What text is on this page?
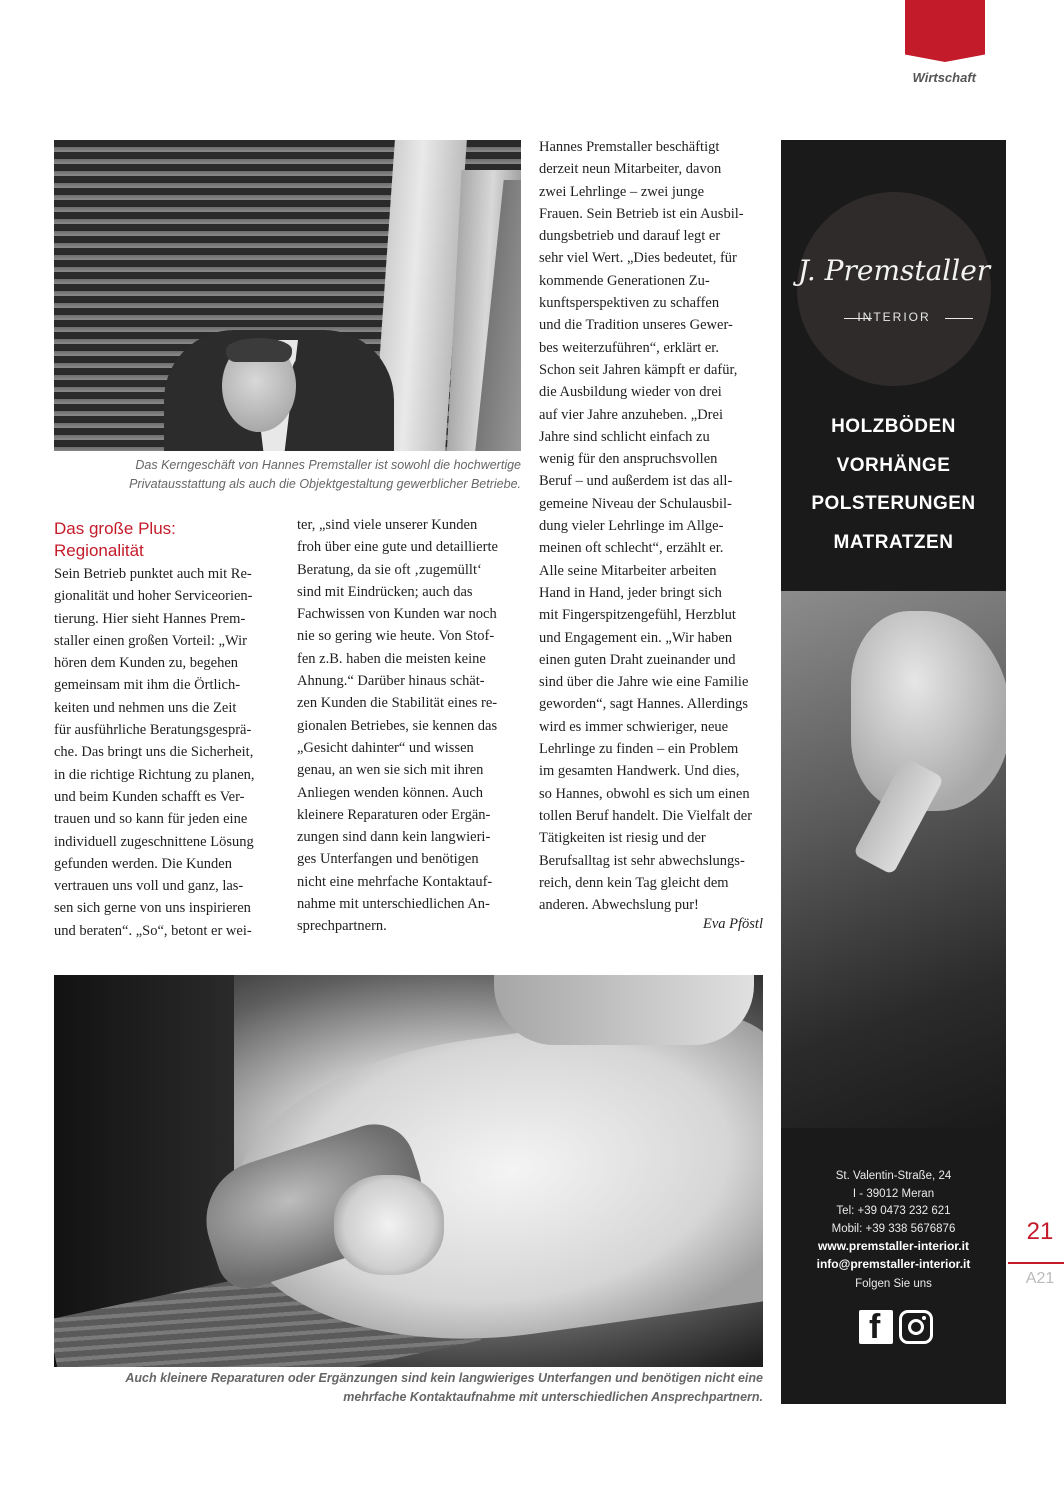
Wirtschaft
Das Kerngeschäft von Hannes Premstaller ist sowohl die hochwertige Privatausstattung als auch die Objektgestaltung gewerblicher Betriebe.
Das große Plus:
Regionalität
Sein Betrieb punktet auch mit Re-
gionalität und hoher Serviceorien-
tierung. Hier sieht Hannes Prem-
staller einen großen Vorteil: „Wir
hören dem Kunden zu, begehen
gemeinsam mit ihm die Örtlich-
keiten und nehmen uns die Zeit
für ausführliche Beratungsgesprä-
che. Das bringt uns die Sicherheit,
in die richtige Richtung zu planen,
und beim Kunden schafft es Ver-
trauen und so kann für jeden eine
individuell zugeschnittene Lösung
gefunden werden. Die Kunden
vertrauen uns voll und ganz, las-
sen sich gerne von uns inspirieren
und beraten“. „So“, betont er wei-
ter, „sind viele unserer Kunden
froh über eine gute und detaillierte
Beratung, da sie oft ‚zugemüllt‘
sind mit Eindrücken; auch das
Fachwissen von Kunden war noch
nie so gering wie heute. Von Stof-
fen z.B. haben die meisten keine
Ahnung.“ Darüber hinaus schät-
zen Kunden die Stabilität eines re-
gionalen Betriebes, sie kennen das
„Gesicht dahinter“ und wissen
genau, an wen sie sich mit ihren
Anliegen wenden können. Auch
kleinere Reparaturen oder Ergän-
zungen sind dann kein langwieri-
ges Unterfangen und benötigen
nicht eine mehrfache Kontaktauf-
nahme mit unterschiedlichen An-
sprechpartnern.
Hannes Premstaller beschäftigt
derzeit neun Mitarbeiter, davon
zwei Lehrlinge – zwei junge
Frauen. Sein Betrieb ist ein Ausbil-
dungsbetrieb und darauf legt er
sehr viel Wert. „Dies bedeutet, für
kommende Generationen Zu-
kunftsperspektiven zu schaffen
und die Tradition unseres Gewer-
bes weiterzuführen“, erklärt er.
Schon seit Jahren kämpft er dafür,
die Ausbildung wieder von drei
auf vier Jahre anzuheben. „Drei
Jahre sind schlicht einfach zu
wenig für den anspruchsvollen
Beruf – und außerdem ist das all-
gemeine Niveau der Schulausbil-
dung vieler Lehrlinge im Allge-
meinen oft schlecht“, erzählt er.
Alle seine Mitarbeiter arbeiten
Hand in Hand, jeder bringt sich
mit Fingerspitzengefühl, Herzblut
und Engagement ein. „Wir haben
einen guten Draht zueinander und
sind über die Jahre wie eine Familie
geworden“, sagt Hannes. Allerdings
wird es immer schwieriger, neue
Lehrlinge zu finden – ein Problem
im gesamten Handwerk. Und dies,
so Hannes, obwohl es sich um einen
tollen Beruf handelt. Die Vielfalt der
Tätigkeiten ist riesig und der
Berufsalltag ist sehr abwechslungs-
reich, denn kein Tag gleicht dem
anderen. Abwechslung pur!
Eva Pföstl
Auch kleinere Reparaturen oder Ergänzungen sind kein langwieriges Unterfangen und benötigen nicht eine mehrfache Kontaktaufnahme mit unterschiedlichen Ansprechpartnern.
J. Premstaller
INTERIOR
HOLZBÖDEN
VORHÄNGE
POLSTERUNGEN
MATRATZEN
St. Valentin-Straße, 24
I - 39012 Meran
Tel: +39 0473 232 621
Mobil: +39 338 5676876
www.premstaller-interior.it
info@premstaller-interior.it
Folgen Sie uns
f
21
A21
